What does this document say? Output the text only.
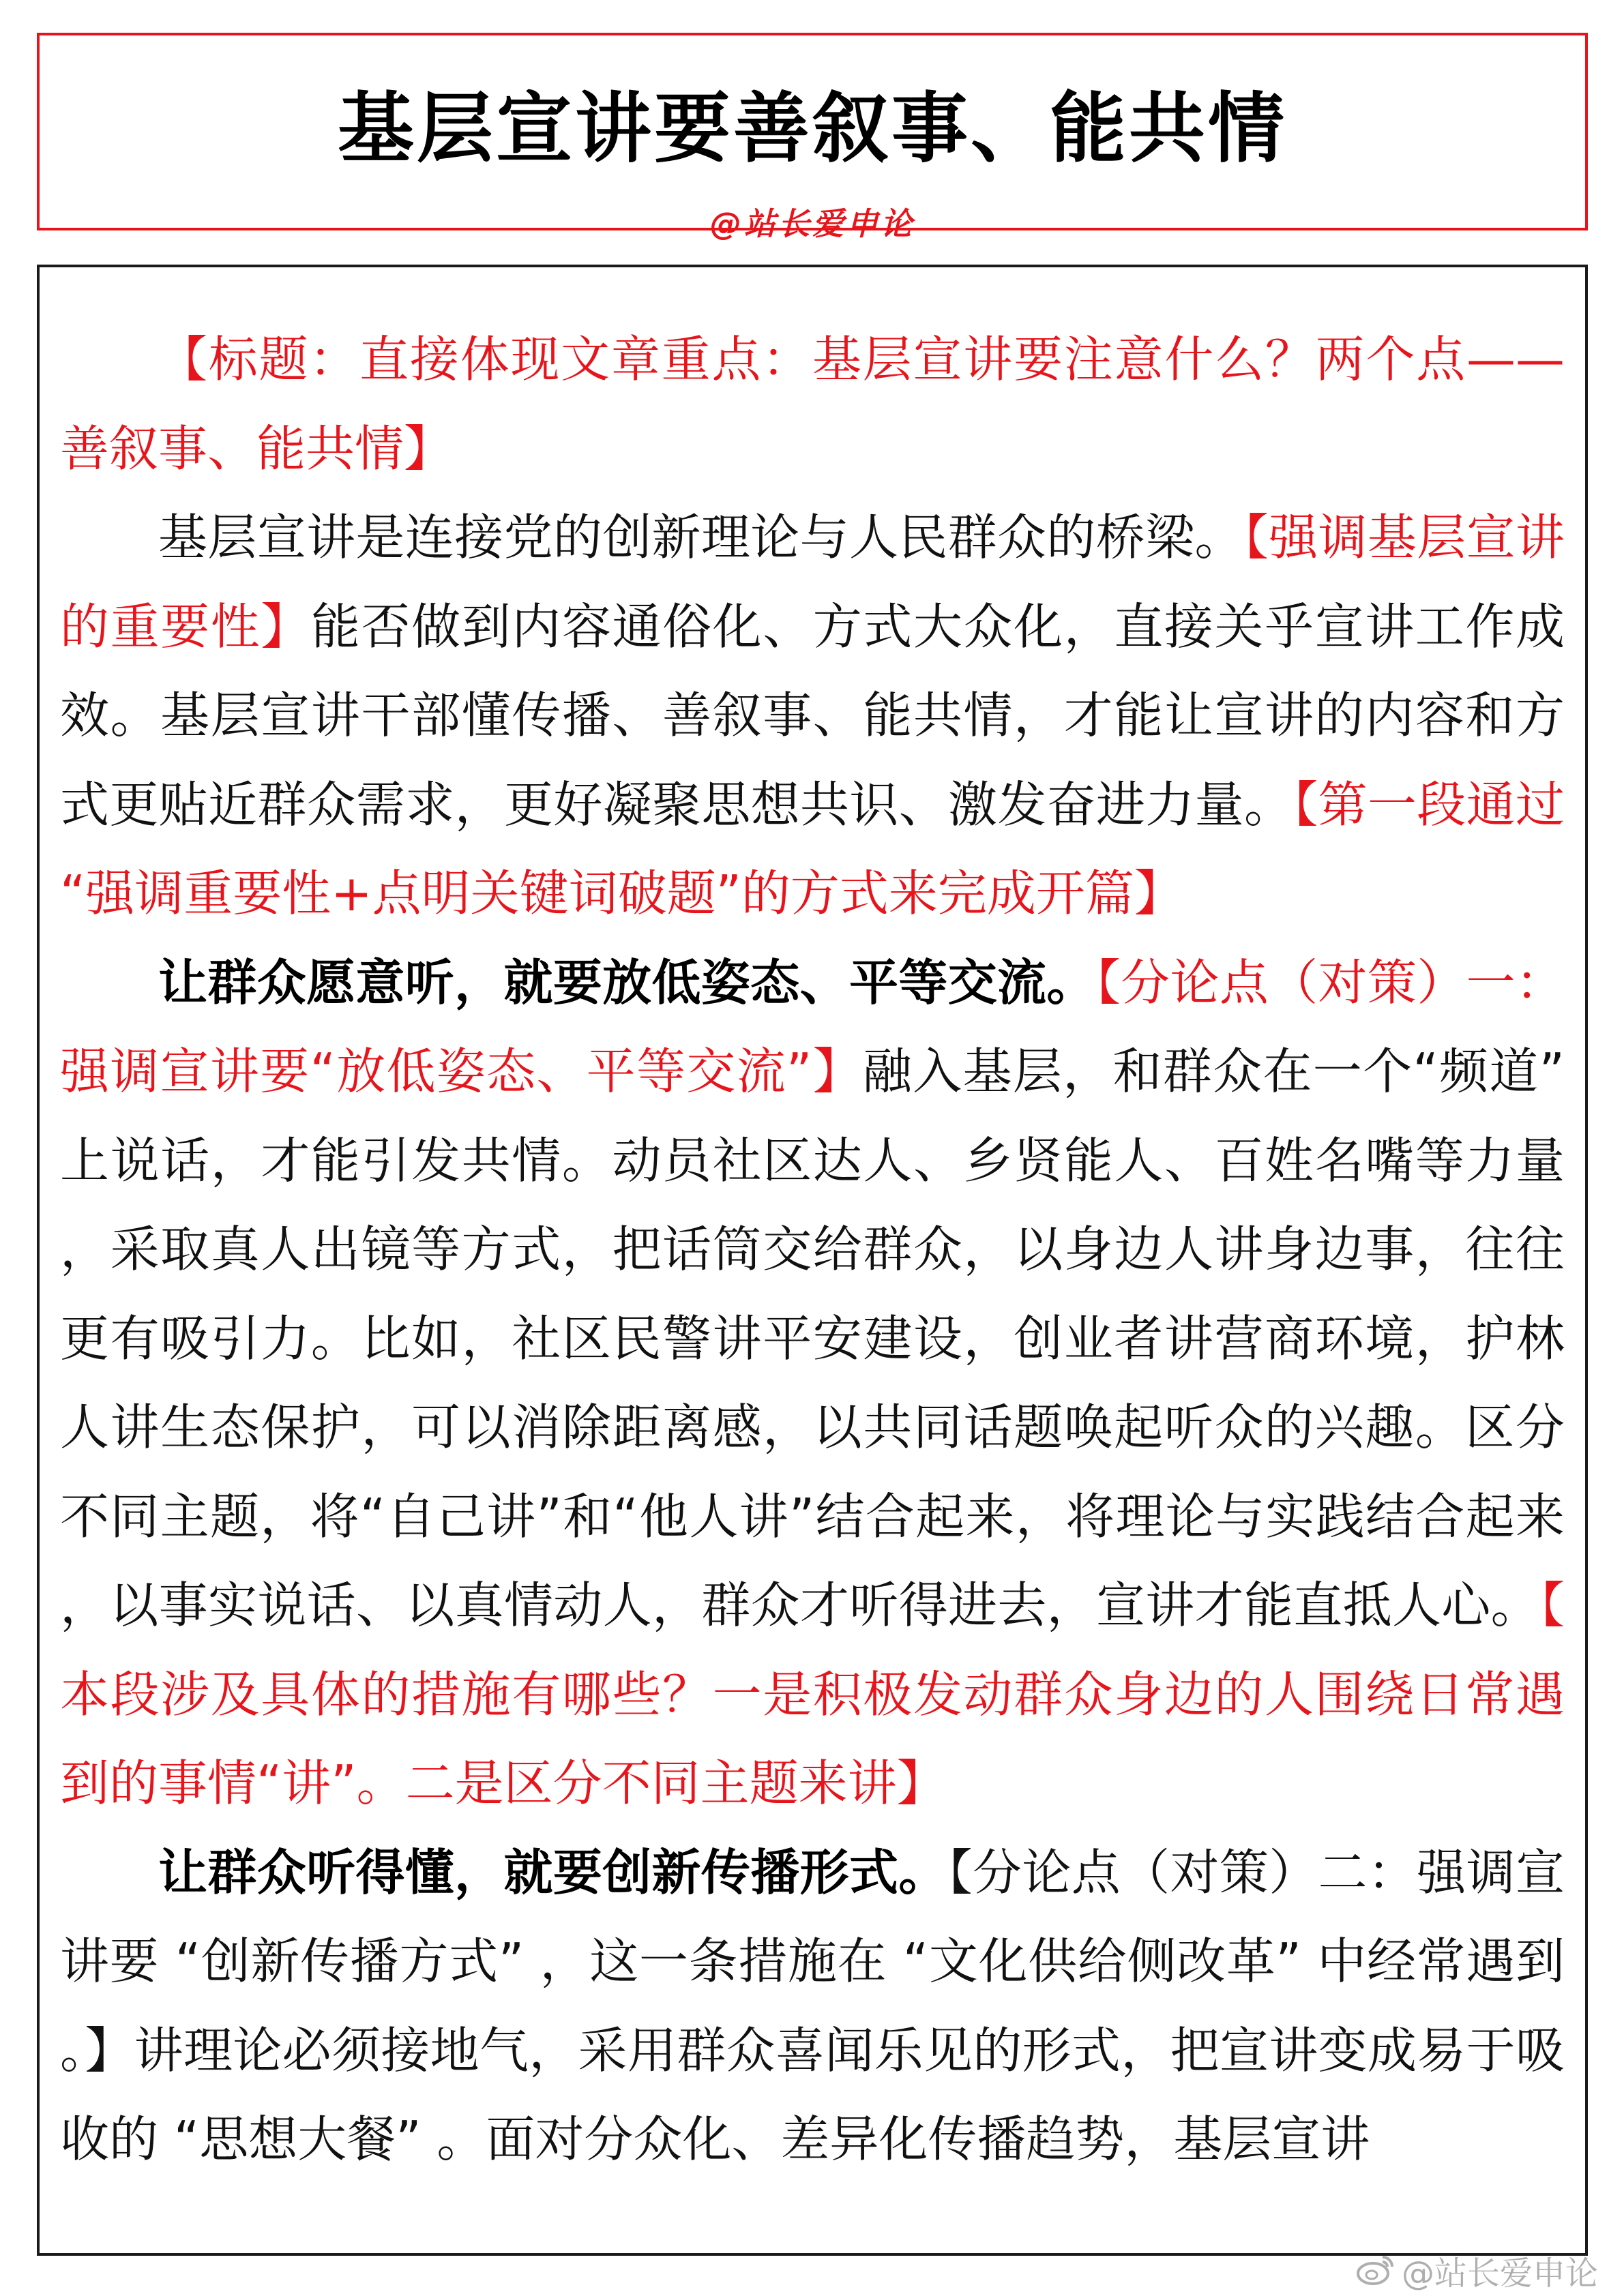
基层宣讲要善叙事、能共情
@站长爱申论

【标题：直接体现文章重点：基层宣讲要注意什么？两个点——善叙事、能共情】

基层宣讲是连接党的创新理论与人民群众的桥梁。【强调基层宣讲的重要性】能否做到内容通俗化、方式大众化，直接关乎宣讲工作成效。基层宣讲干部懂传播、善叙事、能共情，才能让宣讲的内容和方式更贴近群众需求，更好凝聚思想共识、激发奋进力量。【第一段通过“强调重要性+点明关键词破题”的方式来完成开篇】

让群众愿意听，就要放低姿态、平等交流。【分论点（对策）一：强调宣讲要“放低姿态、平等交流”】融入基层，和群众在一个“频道”上说话，才能引发共情。动员社区达人、乡贤能人、百姓名嘴等力量，采取真人出镜等方式，把话筒交给群众，以身边人讲身边事，往往更有吸引力。比如，社区民警讲平安建设，创业者讲营商环境，护林人讲生态保护，可以消除距离感，以共同话题唤起听众的兴趣。区分不同主题，将“自己讲”和“他人讲”结合起来，将理论与实践结合起来，以事实说话、以真情动人，群众才听得进去，宣讲才能直抵人心。【本段涉及具体的措施有哪些？一是积极发动群众身边的人围绕日常遇到的事情“讲”。二是区分不同主题来讲】

让群众听得懂，就要创新传播形式。【分论点（对策）二：强调宣讲要 “创新传播方式” ，这一条措施在 “文化供给侧改革” 中经常遇到。】讲理论必须接地气，采用群众喜闻乐见的形式，把宣讲变成易于吸收的 “思想大餐” 。面对分众化、差异化传播趋势，基层宣讲

@站长爱申论
